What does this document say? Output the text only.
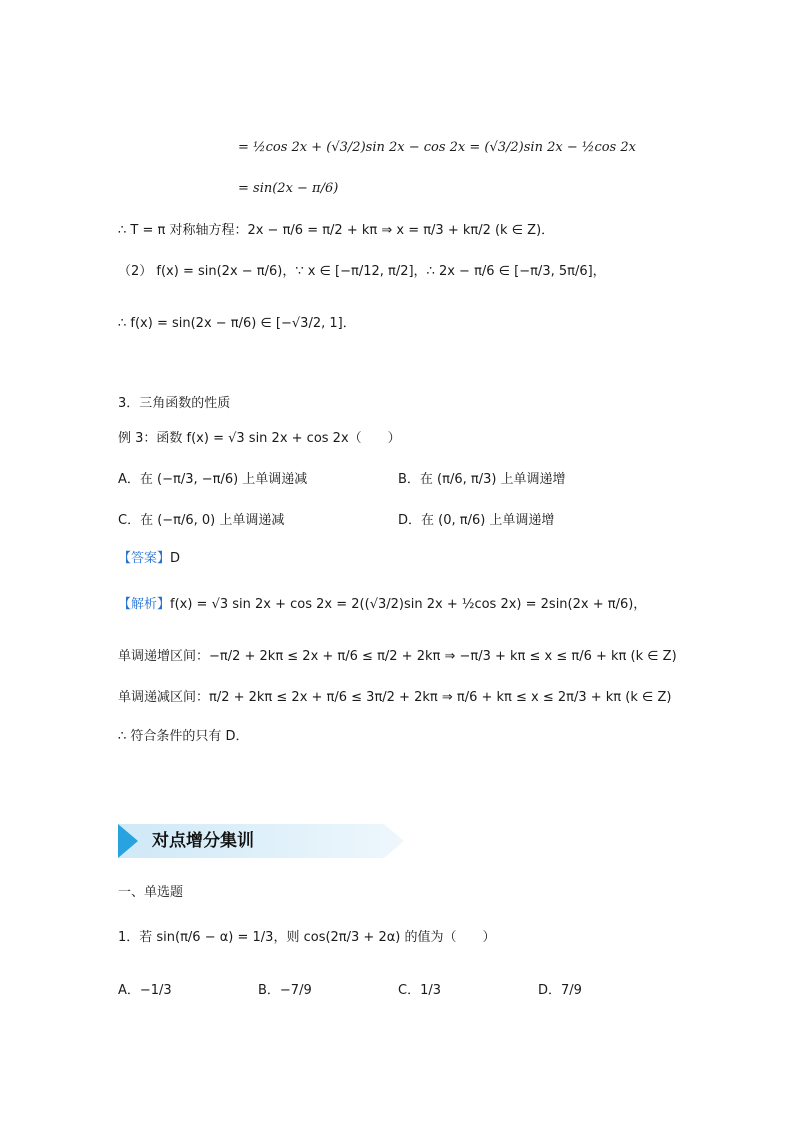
= ½cos 2x + (√3/2)sin 2x − cos 2x = (√3/2)sin 2x − ½cos 2x
= sin(2x − π/6)
∴ T = π 对称轴方程：2x − π/6 = π/2 + kπ ⇒ x = π/3 + kπ/2 (k ∈ Z)．
（2） f(x) = sin(2x − π/6)，∵ x ∈ [−π/12, π/2]，∴ 2x − π/6 ∈ [−π/3, 5π/6]，
∴ f(x) = sin(2x − π/6) ∈ [−√3/2, 1]．
3．三角函数的性质
例 3：函数 f(x) = √3 sin 2x + cos 2x（　　）
A．在 (−π/3, −π/6) 上单调递减	B．在 (π/6, π/3) 上单调递增
C．在 (−π/6, 0) 上单调递减	D．在 (0, π/6) 上单调递增
【答案】D
【解析】f(x) = √3 sin 2x + cos 2x = 2((√3/2)sin 2x + ½cos 2x) = 2sin(2x + π/6)，
单调递增区间：−π/2 + 2kπ ≤ 2x + π/6 ≤ π/2 + 2kπ ⇒ −π/3 + kπ ≤ x ≤ π/6 + kπ (k ∈ Z)
单调递减区间：π/2 + 2kπ ≤ 2x + π/6 ≤ 3π/2 + 2kπ ⇒ π/6 + kπ ≤ x ≤ 2π/3 + kπ (k ∈ Z)
∴ 符合条件的只有 D．
对点增分集训
一、单选题
1．若 sin(π/6 − α) = 1/3，则 cos(2π/3 + 2α) 的值为（　　）
A．−1/3	B．−7/9	C．1/3	D．7/9
